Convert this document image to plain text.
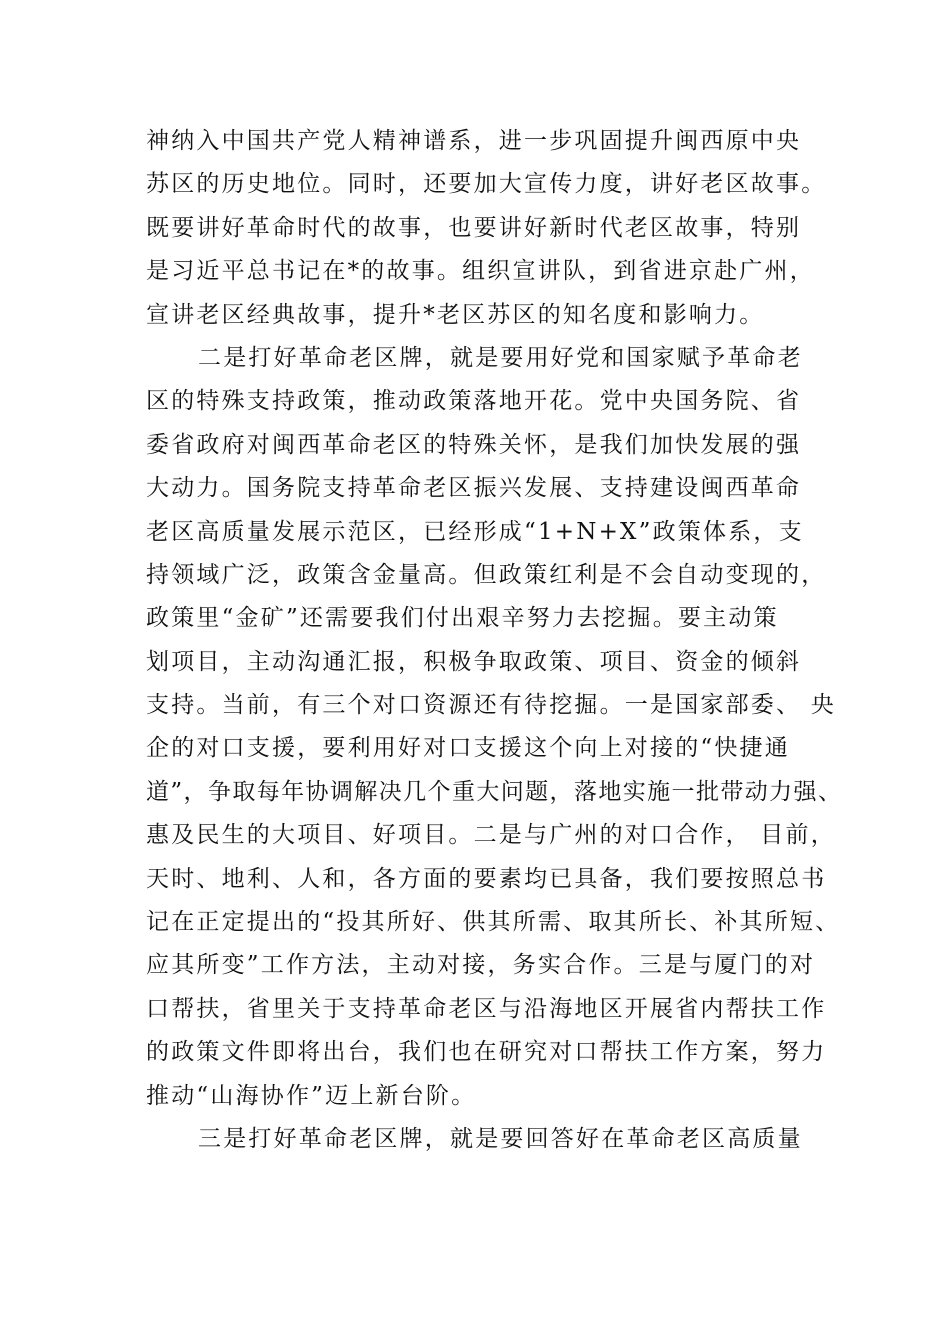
神纳入中国共产党人精神谱系，进一步巩固提升闽西原中央
苏区的历史地位。同时，还要加大宣传力度，讲好老区故事。
既要讲好革命时代的故事，也要讲好新时代老区故事，特别
是习近平总书记在*的故事。组织宣讲队，到省进京赴广州，
宣讲老区经典故事，提升*老区苏区的知名度和影响力。
二是打好革命老区牌，就是要用好党和国家赋予革命老
区的特殊支持政策，推动政策落地开花。党中央国务院、省
委省政府对闽西革命老区的特殊关怀，是我们加快发展的强
大动力。国务院支持革命老区振兴发展、支持建设闽西革命
老区高质量发展示范区，已经形成“1+N+X”政策体系，支
持领域广泛，政策含金量高。但政策红利是不会自动变现的，
政策里“金矿”还需要我们付出艰辛努力去挖掘。要主动策
划项目，主动沟通汇报，积极争取政策、项目、资金的倾斜
支持。当前，有三个对口资源还有待挖掘。一是国家部委、 央
企的对口支援，要利用好对口支援这个向上对接的“快捷通
道”，争取每年协调解决几个重大问题，落地实施一批带动力强、
惠及民生的大项目、好项目。二是与广州的对口合作， 目前，
天时、地利、人和，各方面的要素均已具备，我们要按照总书
记在正定提出的“投其所好、供其所需、取其所长、补其所短、
应其所变”工作方法，主动对接，务实合作。三是与厦门的对
口帮扶，省里关于支持革命老区与沿海地区开展省内帮扶工作
的政策文件即将出台，我们也在研究对口帮扶工作方案，努力
推动“山海协作”迈上新台阶。
三是打好革命老区牌，就是要回答好在革命老区高质量
